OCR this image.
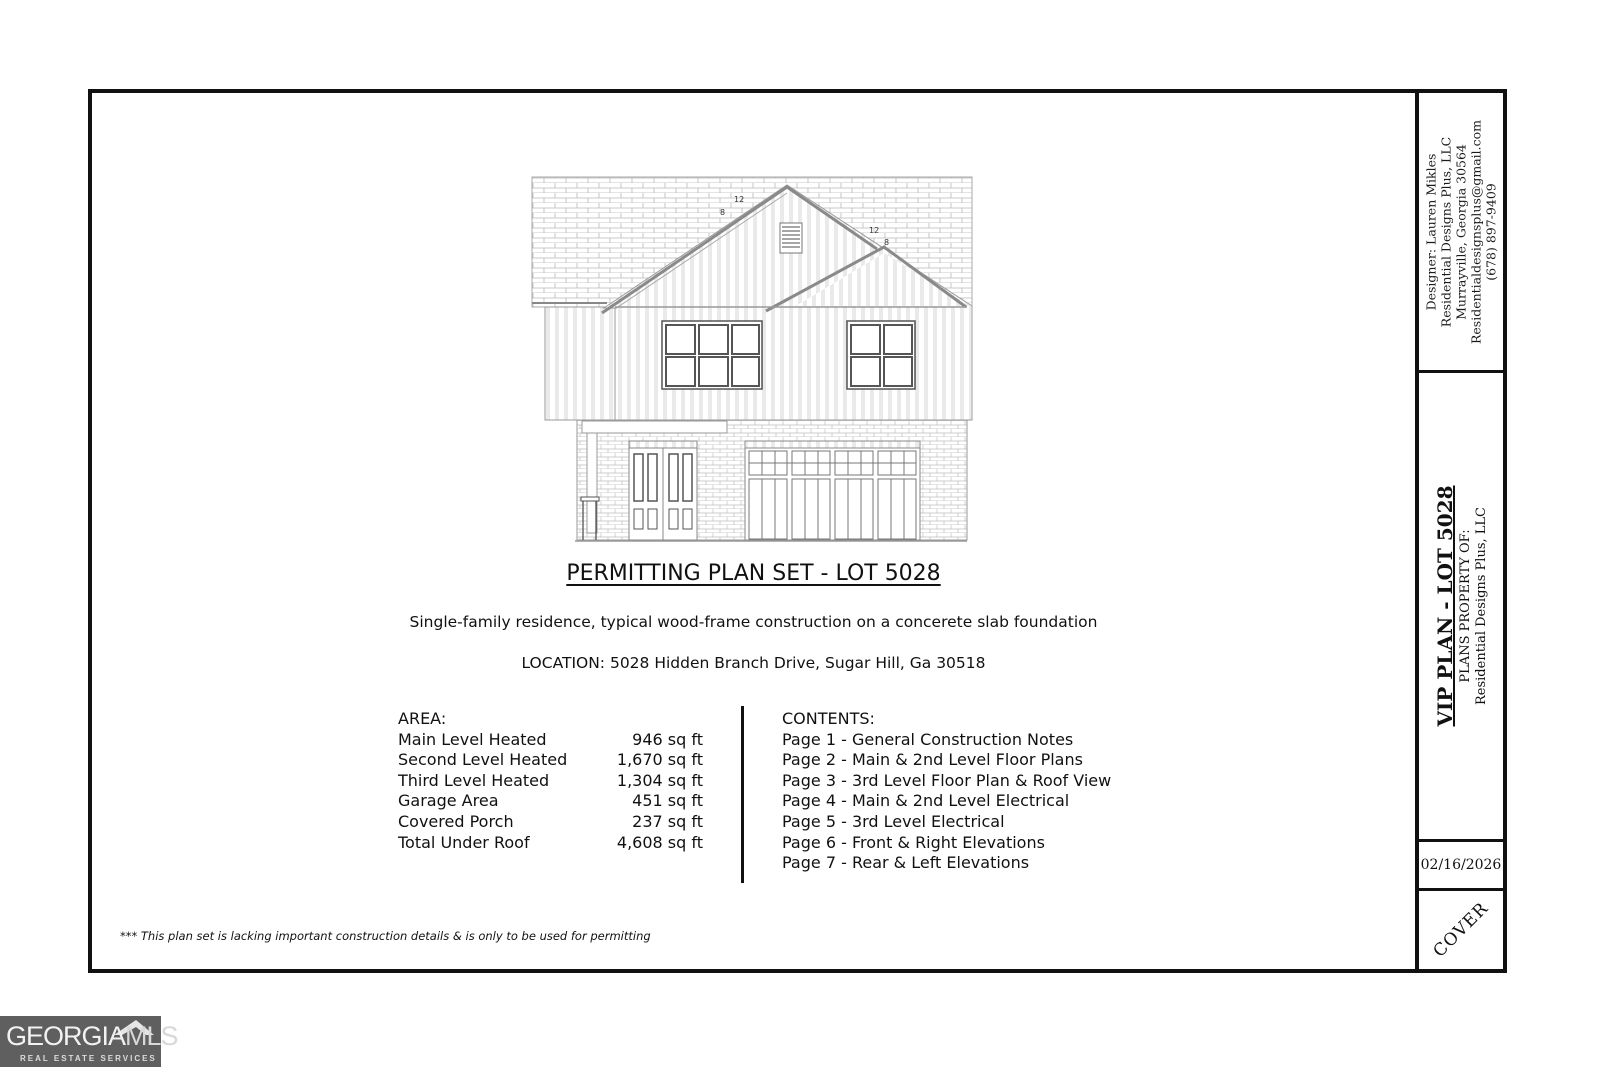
12
8
12
8
PERMITTING PLAN SET - LOT 5028
Single-family residence, typical wood-frame construction on a concerete slab foundation
LOCATION: 5028 Hidden Branch Drive, Sugar Hill, Ga 30518
AREA:
Main Level Heated	946 sq ft
Second Level Heated	1,670 sq ft
Third Level Heated	1,304 sq ft
Garage Area	451 sq ft
Covered Porch	237 sq ft
Total Under Roof	4,608 sq ft
CONTENTS:
Page 1 - General Construction Notes
Page 2 - Main & 2nd Level Floor Plans
Page 3 - 3rd Level Floor Plan & Roof View
Page 4 - Main & 2nd Level Electrical
Page 5 - 3rd Level Electrical
Page 6 - Front & Right Elevations
Page 7 - Rear & Left Elevations
*** This plan set is lacking important construction details & is only to be used for permitting
Designer: Lauren Mikles Residential Designs Plus, LLC Murrayville, Georgia 30564 Residentialdesignsplus@gmail.com (678) 897-9409
VIP PLAN - LOT 5028 PLANS PROPERTY OF: Residential Designs Plus, LLC
02/16/2026
COVER
GEORGIAMLS
REAL ESTATE SERVICES
